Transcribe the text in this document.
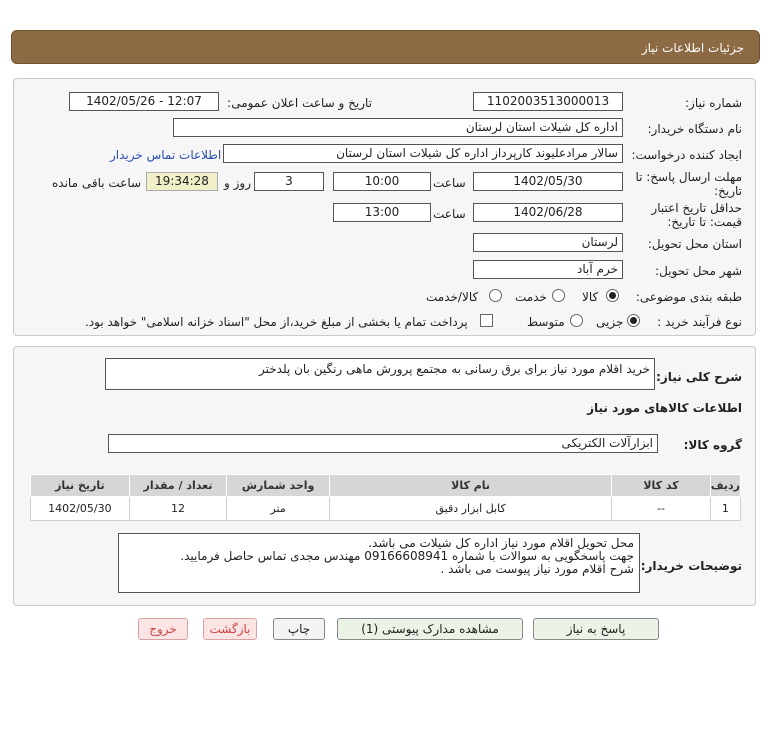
جزئیات اطلاعات نیاز
شماره نیاز:
1102003513000013
تاریخ و ساعت اعلان عمومی:
1402/05/26 - 12:07
نام دستگاه خریدار:
اداره کل شیلات استان لرستان
ایجاد کننده درخواست:
سالار مرادعلیوند کارپرداز اداره کل شیلات استان لرستان
اطلاعات تماس خریدار
مهلت ارسال پاسخ: تا
تاریخ:
1402/05/30
ساعت
10:00
3
روز و
19:34:28
ساعت باقی مانده
حداقل تاریخ اعتبار
قیمت: تا تاریخ:
1402/06/28
ساعت
13:00
استان محل تحویل:
لرستان
شهر محل تحویل:
خرم آباد
طبقه بندی موضوعی:
کالا
خدمت
کالا/خدمت
نوع فرآیند خرید :
جزیی
متوسط
پرداخت تمام یا بخشی از مبلغ خرید،از محل "اسناد خزانه اسلامی" خواهد بود.
شرح کلی نیاز:
خرید اقلام مورد نیاز برای برق رسانی به مجتمع پرورش ماهی رنگین بان پلدختر
اطلاعات کالاهای مورد نیاز
گروه کالا:
ابزارآلات الکتریکی
تاریخ نیاز	تعداد / مقدار	واحد شمارش	نام کالا	کد کالا	ردیف
1402/05/30	12	متر	کابل ابزار دقیق	--	1
توضیحات خریدار:
محل تحویل اقلام مورد نیاز اداره کل شیلات می باشد.
جهت پاسخگویی به سوالات با شماره 09166608941 مهندس مجدی تماس حاصل فرمایید.
شرح اقلام مورد نیاز پیوست می باشد .
پاسخ به نیاز
مشاهده مدارک پیوستی (1)
چاپ
بازگشت
خروج
